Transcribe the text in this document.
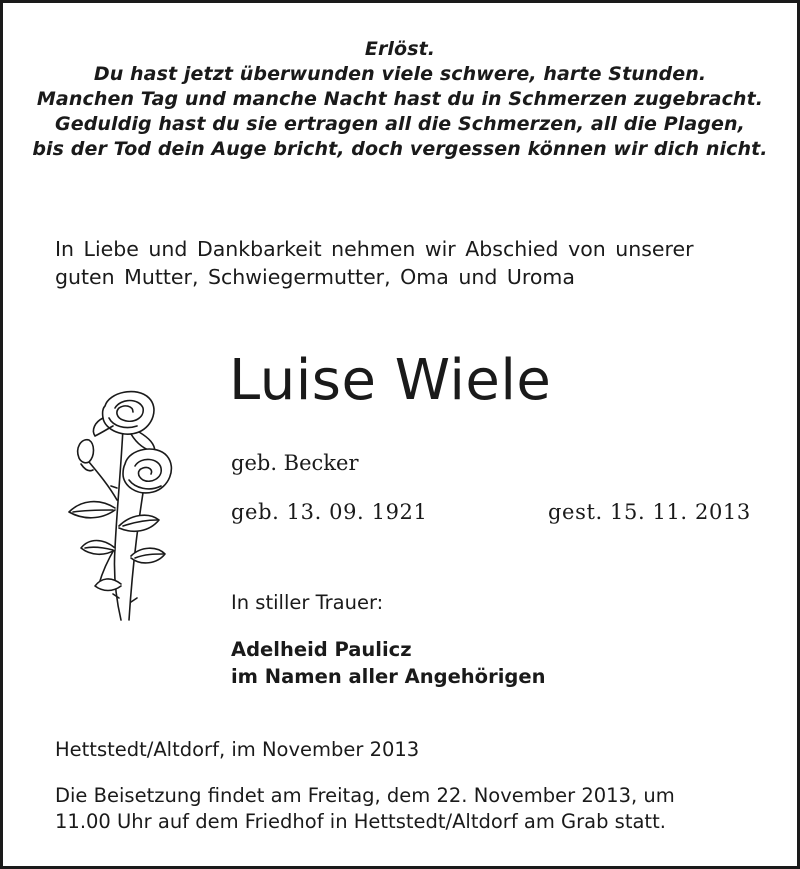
Erlöst.
Du hast jetzt überwunden viele schwere, harte Stunden.
Manchen Tag und manche Nacht hast du in Schmerzen zugebracht.
Geduldig hast du sie ertragen all die Schmerzen, all die Plagen,
bis der Tod dein Auge bricht, doch vergessen können wir dich nicht.
In Liebe und Dankbarkeit nehmen wir Abschied von unserer
guten Mutter, Schwiegermutter, Oma und Uroma
Luise Wiele
geb. Becker
geb. 13. 09. 1921	gest. 15. 11. 2013
In stiller Trauer:
Adelheid Paulicz
im Namen aller Angehörigen
Hettstedt/Altdorf, im November 2013
Die Beisetzung findet am Freitag, dem 22. November 2013, um
11.00 Uhr auf dem Friedhof in Hettstedt/Altdorf am Grab statt.
